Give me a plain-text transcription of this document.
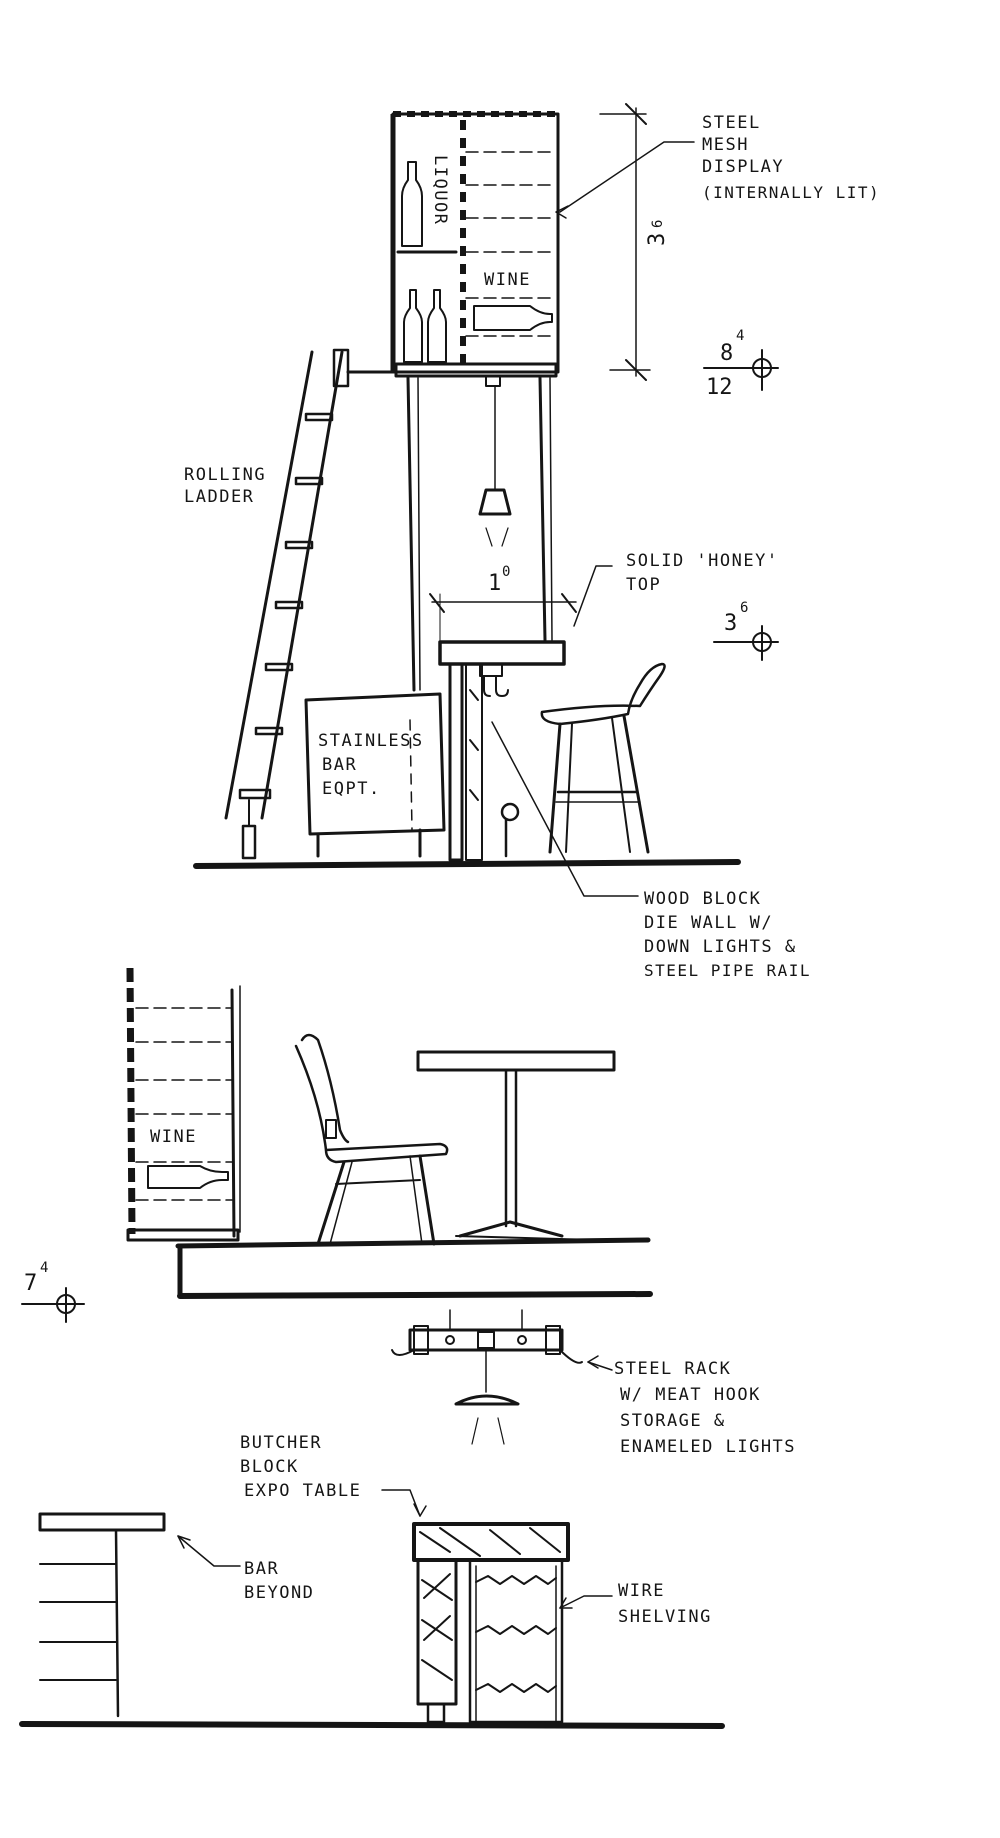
LIQUOR
WINE
3
6
8
4
12
1 0
3
6
STEEL
MESH
DISPLAY
(INTERNALLY LIT)
ROLLING
LADDER
SOLID 'HONEY'
TOP
STAINLESS
BAR
EQPT.
WOOD BLOCK
DIE WALL W/
DOWN LIGHTS &
STEEL PIPE RAIL
WINE
7
4
STEEL RACK
W/ MEAT HOOK
STORAGE &
ENAMELED LIGHTS
BUTCHER
BLOCK
EXPO TABLE
BAR
BEYOND	WIRE
SHELVING
